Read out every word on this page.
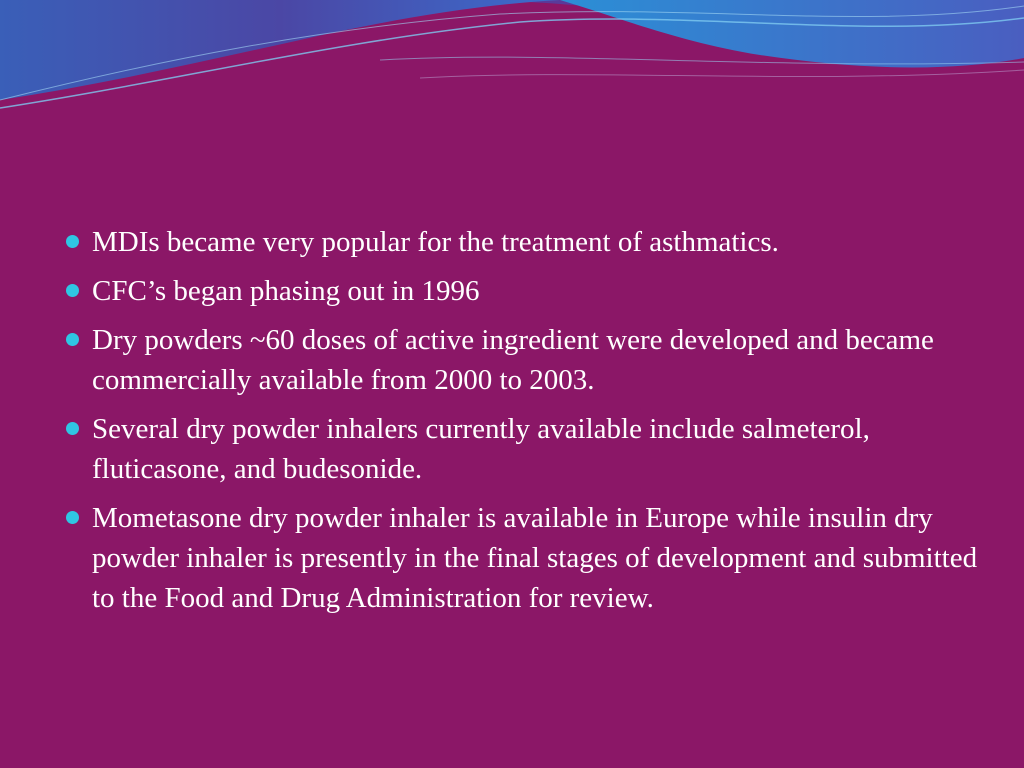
MDIs became very popular for the treatment of asthmatics.
CFC’s began phasing out in 1996
Dry powders ~60 doses of active ingredient were developed and became commercially available from 2000 to 2003.
Several dry powder inhalers currently available include salmeterol, fluticasone, and budesonide.
Mometasone dry powder inhaler is available in Europe while insulin dry powder inhaler is presently in the final stages of development and submitted to the Food and Drug Administration for review.
